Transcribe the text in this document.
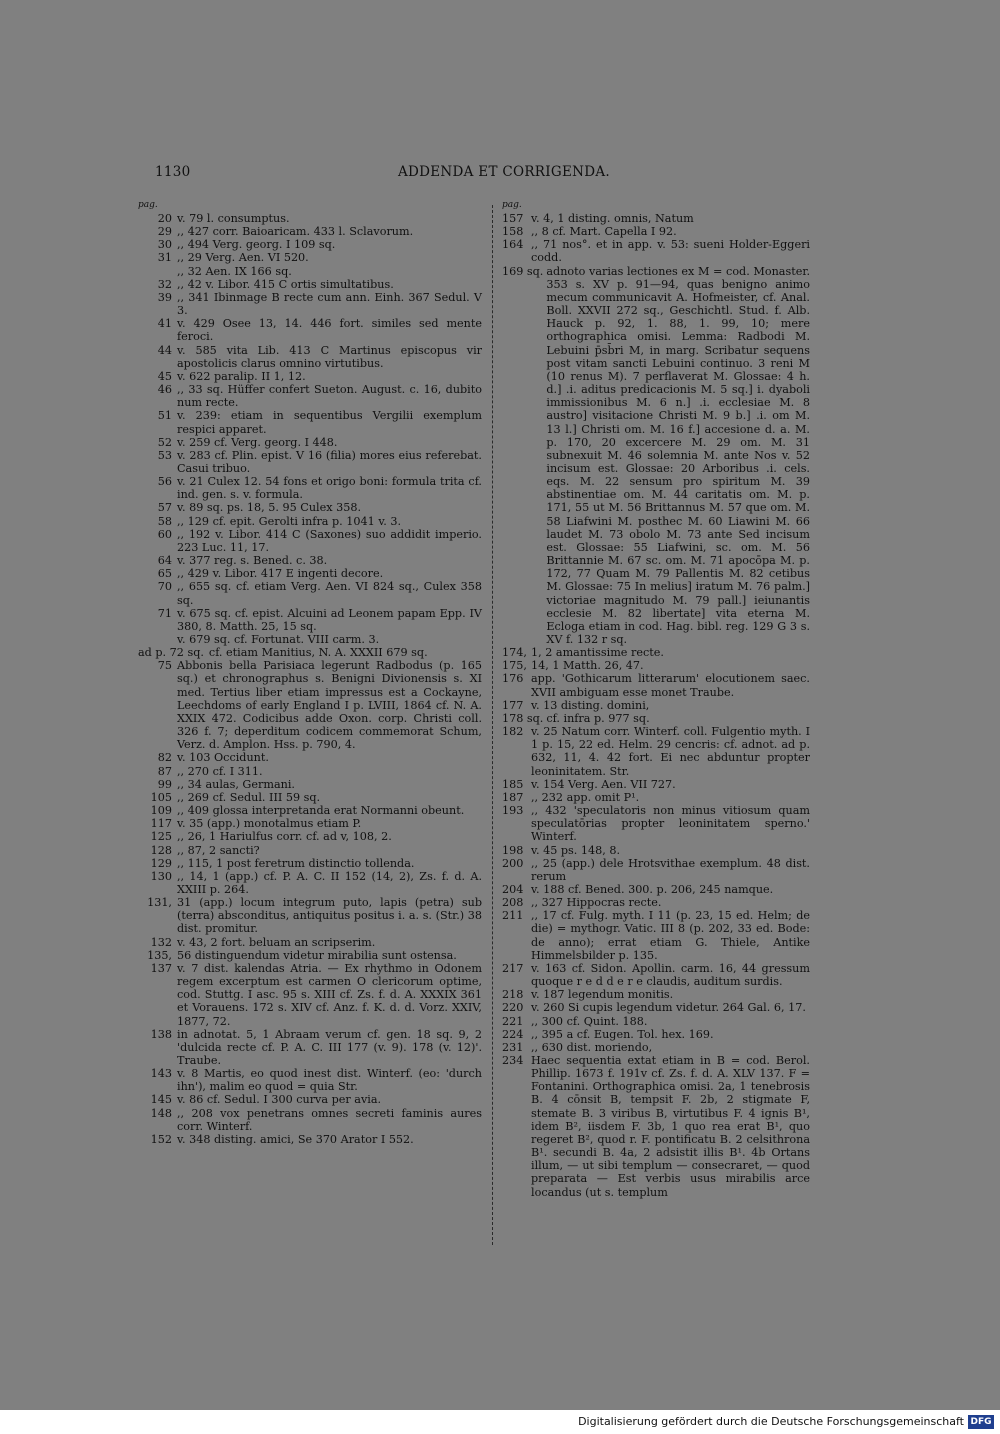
1130	ADDENDA ET CORRIGENDA.
pag.
20 v. 79 l. consumptus.
29 ,, 427 corr. Baioaricam. 433 l. Sclavorum.
30 ,, 494 Verg. georg. I 109 sq.
31 ,, 29 Verg. Aen. VI 520.
,, 32 Aen. IX 166 sq.
32 ,, 42 v. Libor. 415 C ortis simultatibus.
39 ,, 341 Ibinmage B recte cum ann. Einh. 367 Sedul. V 3.
41 v. 429 Osee 13, 14. 446 fort. similes sed mente feroci.
44 v. 585 vita Lib. 413 C Martinus episcopus vir apostolicis clarus omnino virtutibus.
45 v. 622 paralip. II 1, 12.
46 ,, 33 sq. Hüffer confert Sueton. August. c. 16, dubito num recte.
51 v. 239: etiam in sequentibus Vergilii exemplum respici apparet.
52 v. 259 cf. Verg. georg. I 448.
53 v. 283 cf. Plin. epist. V 16 (filia) mores eius referebat. Casui tribuo.
56 v. 21 Culex 12. 54 fons et origo boni: formula trita cf. ind. gen. s. v. formula.
57 v. 89 sq. ps. 18, 5. 95 Culex 358.
58 ,, 129 cf. epit. Gerolti infra p. 1041 v. 3.
60 ,, 192 v. Libor. 414 C (Saxones) suo addidit imperio. 223 Luc. 11, 17.
64 v. 377 reg. s. Bened. c. 38.
65 ,, 429 v. Libor. 417 E ingenti decore.
70 ,, 655 sq. cf. etiam Verg. Aen. VI 824 sq., Culex 358 sq.
71 v. 675 sq. cf. epist. Alcuini ad Leonem papam Epp. IV 380, 8. Matth. 25, 15 sq.
v. 679 sq. cf. Fortunat. VIII carm. 3.
ad p. 72 sq. cf. etiam Manitius, N. A. XXXII 679 sq.
75 Abbonis bella Parisiaca legerunt Radbodus (p. 165 sq.) et chronographus s. Benigni Divionensis s. XI med. Tertius liber etiam impressus est a Cockayne, Leechdoms of early England I p. LVIII, 1864 cf. N. A. XXIX 472. Codicibus adde Oxon. corp. Christi coll. 326 f. 7; deperditum codicem commemorat Schum, Verz. d. Amplon. Hss. p. 790, 4.
82 v. 103 Occidunt.
87 ,, 270 cf. I 311.
99 ,, 34 aulas, Germani.
105 ,, 269 cf. Sedul. III 59 sq.
109 ,, 409 glossa interpretanda erat Normanni obeunt.
117 v. 35 (app.) monotalmus etiam P.
125 ,, 26, 1 Hariulfus corr. cf. ad v, 108, 2.
128 ,, 87, 2 sancti?
129 ,, 115, 1 post feretrum distinctio tollenda.
130 ,, 14, 1 (app.) cf. P. A. C. II 152 (14, 2), Zs. f. d. A. XXIII p. 264.
131, 31 (app.) locum integrum puto, lapis (petra) sub (terra) absconditus, antiquitus positus i. a. s. (Str.) 38 dist. promitur.
132 v. 43, 2 fort. beluam an scripserim.
135, 56 distinguendum videtur mirabilia sunt ostensa.
137 v. 7 dist. kalendas Atria. — Ex rhythmo in Odonem regem excerptum est carmen O clericorum optime, cod. Stuttg. I asc. 95 s. XIII cf. Zs. f. d. A. XXXIX 361 et Vorauens. 172 s. XIV cf. Anz. f. K. d. d. Vorz. XXIV, 1877, 72.
138 in adnotat. 5, 1 Abraam verum cf. gen. 18 sq. 9, 2 'dulcida recte cf. P. A. C. III 177 (v. 9). 178 (v. 12)'. Traube.
143 v. 8 Martis, eo quod inest dist. Winterf. (eo: 'durch ihn'), malim eo quod = quia Str.
145 v. 86 cf. Sedul. I 300 curva per avia.
148 ,, 208 vox penetrans omnes secreti faminis aures corr. Winterf.
152 v. 348 disting. amici, Se 370 Arator I 552.
pag.
157 v. 4, 1 disting. omnis, Natum
158 ,, 8 cf. Mart. Capella I 92.
164 ,, 71 nos°. et in app. v. 53: sueni Holder-Eggeri codd.
169 sq. adnoto varias lectiones ex M = cod. Monaster. 353 s. XV p. 91—94, quas benigno animo mecum communicavit A. Hofmeister, cf. Anal. Boll. XXVII 272 sq., Geschichtl. Stud. f. Alb. Hauck p. 92, 1. 88, 1. 99, 10; mere orthographica omisi. Lemma: Radbodi M. Lebuini p̄sb̄ri M, in marg. Scribatur sequens post vitam sancti Lebuini continuo. 3 reni M (10 renus M). 7 perflaverat M. Glossae: 4 h. d.] .i. aditus predicacionis M. 5 sq.] i. dyaboli immissionibus M. 6 n.] .i. ecclesiae M. 8 austro] visitacione Christi M. 9 b.] .i. om M. 13 l.] Christi om. M. 16 f.] accesione d. a. M. p. 170, 20 excercere M. 29 om. M. 31 subnexuit M. 46 solemnia M. ante Nos v. 52 incisum est. Glossae: 20 Arboribus .i. cels. eqs. M. 22 sensum pro spiritum M. 39 abstinentiae om. M. 44 caritatis om. M. p. 171, 55 ut M. 56 Brittannus M. 57 que om. M. 58 Liafwini M. posthec M. 60 Liawini M. 66 laudet M. 73 obolo M. 73 ante Sed incisum est. Glossae: 55 Liafwini, sc. om. M. 56 Brittannie M. 67 sc. om. M. 71 apocōpa M. p. 172, 77 Quam M. 79 Pallentis M. 82 cetibus M. Glossae: 75 In melius] iratum M. 76 palm.] victoriae magnitudo M. 79 pall.] ieiunantis ecclesie M. 82 libertate] vita eterna M. Ecloga etiam in cod. Hag. bibl. reg. 129 G 3 s. XV f. 132 r sq.
174, 1, 2 amantissime recte.
175, 14, 1 Matth. 26, 47.
176 app. 'Gothicarum litterarum' elocutionem saec. XVII ambiguam esse monet Traube.
177 v. 13 disting. domini,
178 sq. cf. infra p. 977 sq.
182 v. 25 Natum corr. Winterf. coll. Fulgentio myth. I 1 p. 15, 22 ed. Helm. 29 cencris: cf. adnot. ad p. 632, 11, 4. 42 fort. Ei nec abduntur propter leoninitatem. Str.
185 v. 154 Verg. Aen. VII 727.
187 ,, 232 app. omit P¹.
193 ,, 432 'speculatoris non minus vitiosum quam speculatōrias propter leoninitatem sperno.' Winterf.
198 v. 45 ps. 148, 8.
200 ,, 25 (app.) dele Hrotsvithae exemplum. 48 dist. rerum
204 v. 188 cf. Bened. 300. p. 206, 245 namque.
208 ,, 327 Hippocras recte.
211 ,, 17 cf. Fulg. myth. I 11 (p. 23, 15 ed. Helm; de die) = mythogr. Vatic. III 8 (p. 202, 33 ed. Bode: de anno); errat etiam G. Thiele, Antike Himmelsbilder p. 135.
217 v. 163 cf. Sidon. Apollin. carm. 16, 44 gressum quoque r e d d e r e claudis, auditum surdis.
218 v. 187 legendum monitis.
220 v. 260 Si cupis legendum videtur. 264 Gal. 6, 17.
221 ,, 300 cf. Quint. 188.
224 ,, 395 a cf. Eugen. Tol. hex. 169.
231 ,, 630 dist. moriendo,
234 Haec sequentia extat etiam in B = cod. Berol. Phillip. 1673 f. 191v cf. Zs. f. d. A. XLV 137. F = Fontanini. Orthographica omisi. 2a, 1 tenebrosis B. 4 cōnsit B, tempsit F. 2b, 2 stigmate F, stemate B. 3 viribus B, virtutibus F. 4 ignis B¹, idem B², iisdem F. 3b, 1 quo rea erat B¹, quo regeret B², quod r. F. pontificatu B. 2 celsithrona B¹. secundi B. 4a, 2 adsistit illis B¹. 4b Ortans illum, — ut sibi templum — consecraret, — quod preparata — Est verbis usus mirabilis arce locandus (ut s. templum
Digitalisierung gefördert durch die Deutsche Forschungsgemeinschaft DFG
